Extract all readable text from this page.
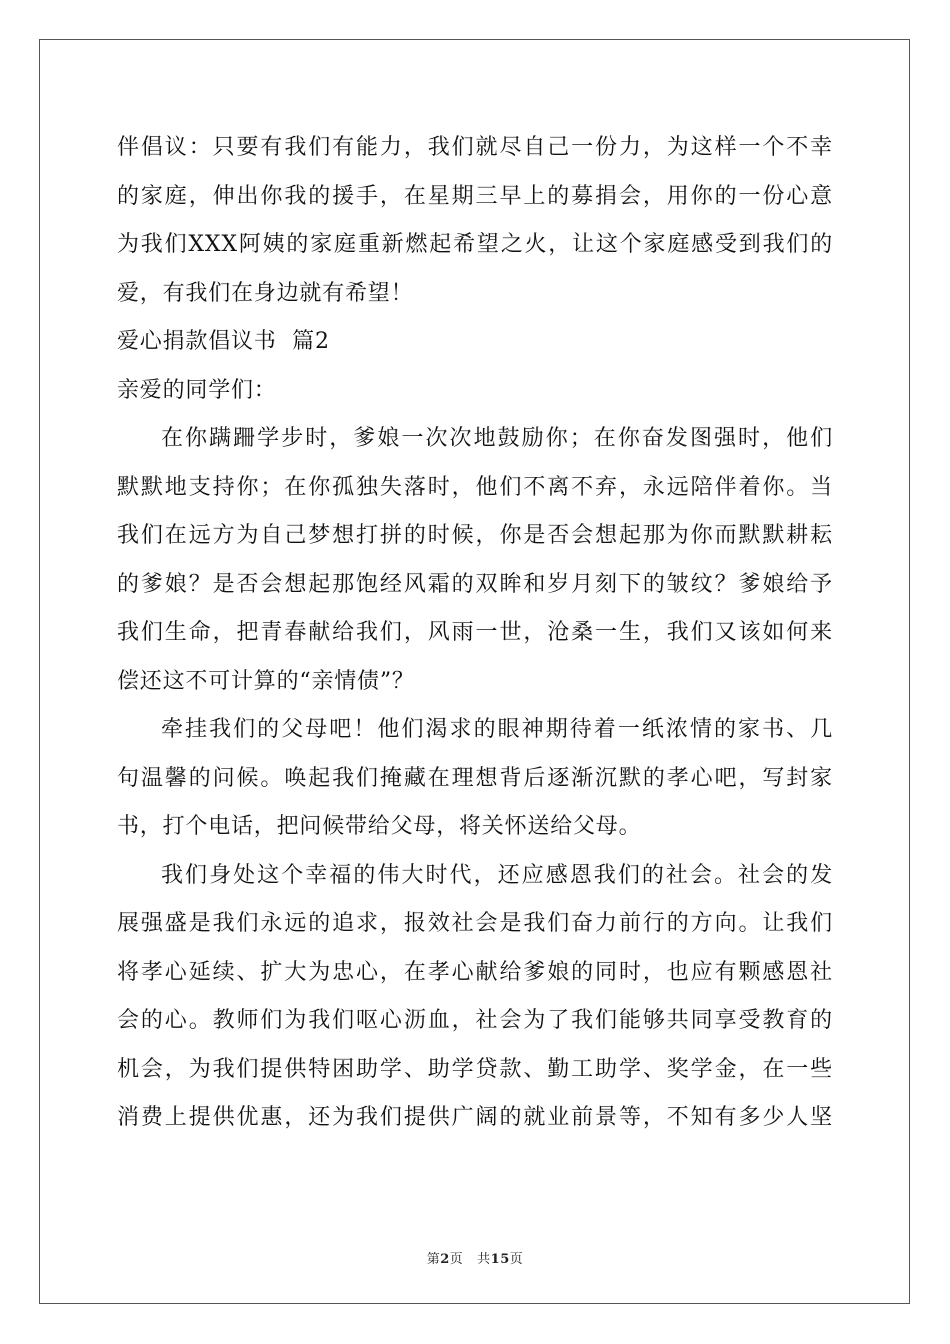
伴倡议：只要有我们有能力，我们就尽自己一份力，为这样一个不幸
的家庭，伸出你我的援手，在星期三早上的募捐会，用你的一份心意
为我们XXX阿姨的家庭重新燃起希望之火，让这个家庭感受到我们的
爱，有我们在身边就有希望！
爱心捐款倡议书  篇2
亲爱的同学们：
在你蹒跚学步时，爹娘一次次地鼓励你；在你奋发图强时，他们
默默地支持你；在你孤独失落时，他们不离不弃，永远陪伴着你。当
我们在远方为自己梦想打拼的时候，你是否会想起那为你而默默耕耘
的爹娘？是否会想起那饱经风霜的双眸和岁月刻下的皱纹？爹娘给予
我们生命，把青春献给我们，风雨一世，沧桑一生，我们又该如何来
偿还这不可计算的“亲情债”？
牵挂我们的父母吧！他们渴求的眼神期待着一纸浓情的家书、几
句温馨的问候。唤起我们掩藏在理想背后逐渐沉默的孝心吧，写封家
书，打个电话，把问候带给父母，将关怀送给父母。
我们身处这个幸福的伟大时代，还应感恩我们的社会。社会的发
展强盛是我们永远的追求，报效社会是我们奋力前行的方向。让我们
将孝心延续、扩大为忠心，在孝心献给爹娘的同时，也应有颗感恩社
会的心。教师们为我们呕心沥血，社会为了我们能够共同享受教育的
机会，为我们提供特困助学、助学贷款、勤工助学、奖学金，在一些
消费上提供优惠，还为我们提供广阔的就业前景等，不知有多少人坚
第2页   共15页
